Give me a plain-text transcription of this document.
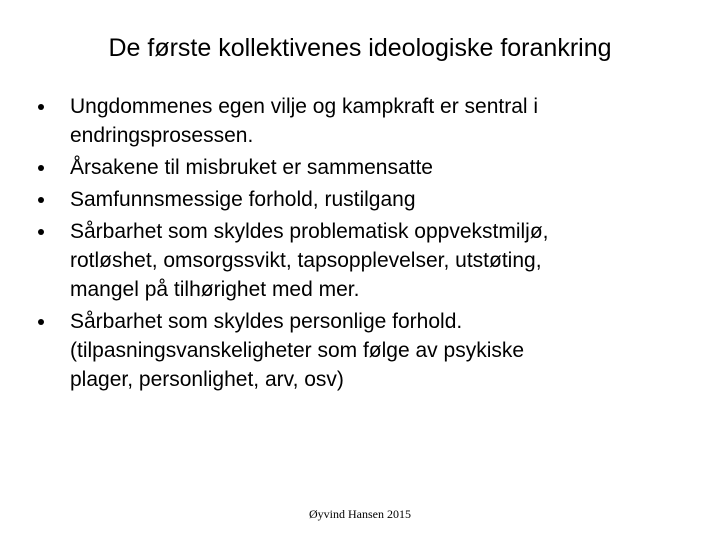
De første kollektivenes ideologiske forankring
Ungdommenes egen vilje og kampkraft er sentral i
endringsprosessen.
Årsakene til misbruket er sammensatte
Samfunnsmessige forhold, rustilgang
Sårbarhet som skyldes problematisk oppvekstmiljø,
rotløshet, omsorgssvikt, tapsopplevelser, utstøting,
mangel på tilhørighet med mer.
Sårbarhet som skyldes personlige forhold.
(tilpasningsvanskeligheter som følge av psykiske
plager, personlighet, arv, osv)
Øyvind Hansen 2015
